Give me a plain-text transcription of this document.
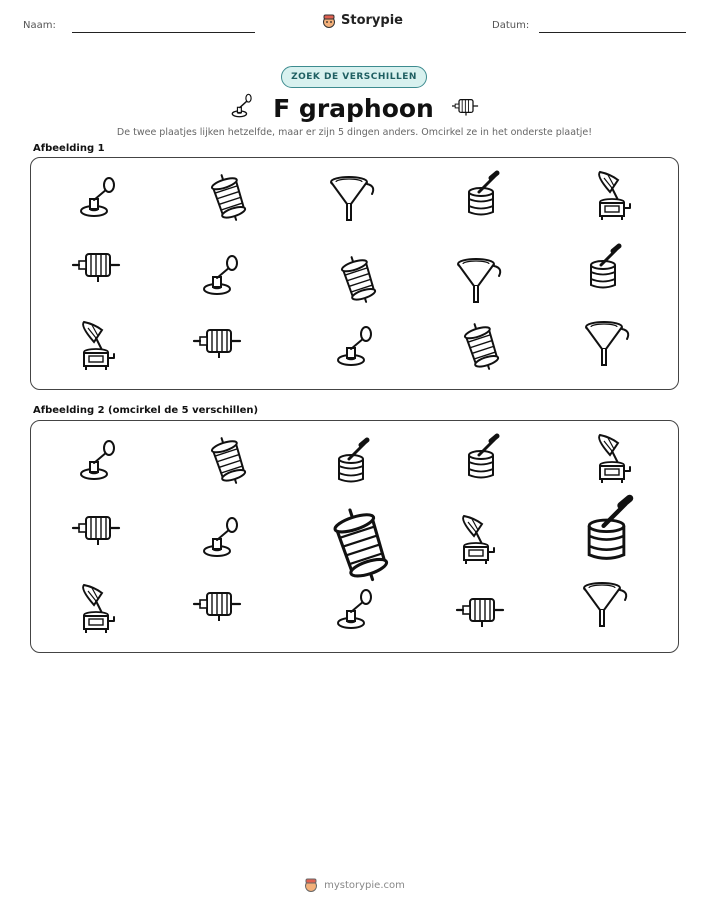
Naam:	Storypie	Datum:
ZOEK DE VERSCHILLEN
F graphoon
De twee plaatjes lijken hetzelfde, maar er zijn 5 dingen anders. Omcirkel ze in het onderste plaatje!
Afbeelding 1
Afbeelding 2 (omcirkel de 5 verschillen)
mystorypie.com
